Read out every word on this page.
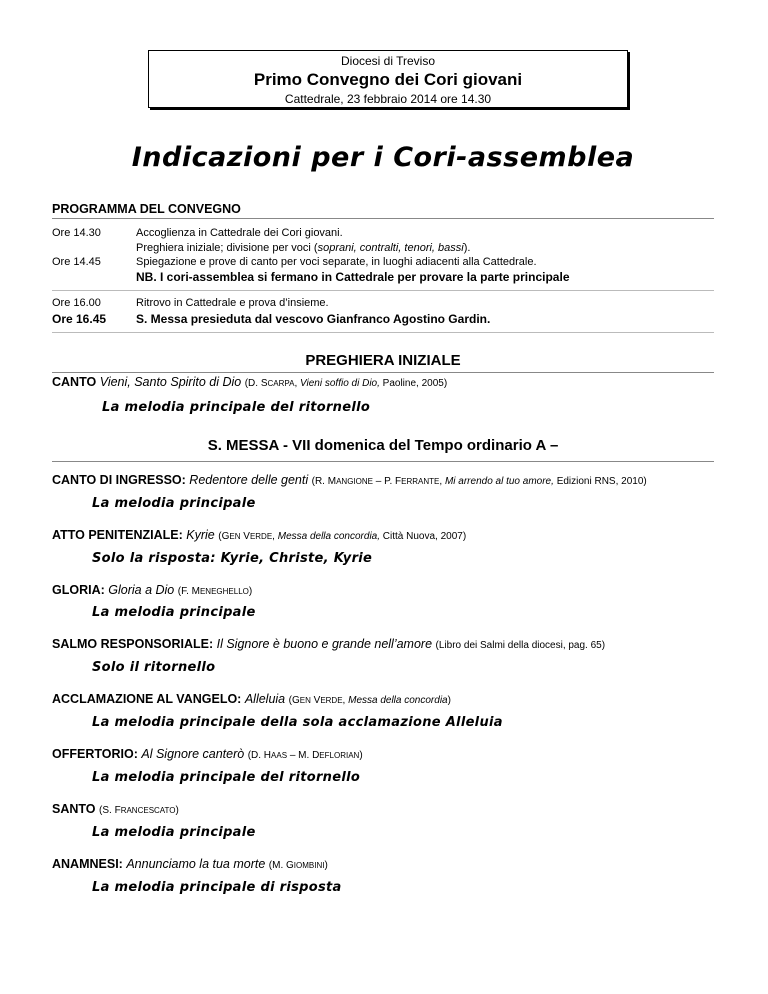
Diocesi di Treviso
Primo Convegno dei Cori giovani
Cattedrale, 23 febbraio 2014 ore 14.30
Indicazioni per i Cori-assemblea
PROGRAMMA DEL CONVEGNO
Ore 14.30	Accoglienza in Cattedrale dei Cori giovani.
Preghiera iniziale; divisione per voci (soprani, contralti, tenori, bassi).
Ore 14.45	Spiegazione e prove di canto per voci separate, in luoghi adiacenti alla Cattedrale.
NB. I cori-assemblea si fermano in Cattedrale per provare la parte principale
Ore 16.00	Ritrovo in Cattedrale e prova d’insieme.
Ore 16.45 S. Messa presieduta dal vescovo Gianfranco Agostino Gardin.
PREGHIERA INIZIALE
CANTO Vieni, Santo Spirito di Dio (D. SCARPA, Vieni soffio di Dio, Paoline, 2005)
La melodia principale del ritornello
S. MESSA - VII domenica del Tempo ordinario A –
CANTO DI INGRESSO: Redentore delle genti (R. MANGIONE – P. FERRANTE, Mi arrendo al tuo amore, Edizioni RNS, 2010)
La melodia principale
ATTO PENITENZIALE: Kyrie (GEN VERDE, Messa della concordia, Città Nuova, 2007)
Solo la risposta: Kyrie, Christe, Kyrie
GLORIA: Gloria a Dio (F. MENEGHELLO)
La melodia principale
SALMO RESPONSORIALE: Il Signore è buono e grande nell’amore (Libro dei Salmi della diocesi, pag. 65)
Solo il ritornello
ACCLAMAZIONE AL VANGELO: Alleluia (GEN VERDE, Messa della concordia)
La melodia principale della sola acclamazione Alleluia
OFFERTORIO: Al Signore canterò (D. HAAS – M. DEFLORIAN)
La melodia principale del ritornello
SANTO (S. FRANCESCATO)
La melodia principale
ANAMNESI: Annunciamo la tua morte (M. GIOMBINI)
La melodia principale di risposta
